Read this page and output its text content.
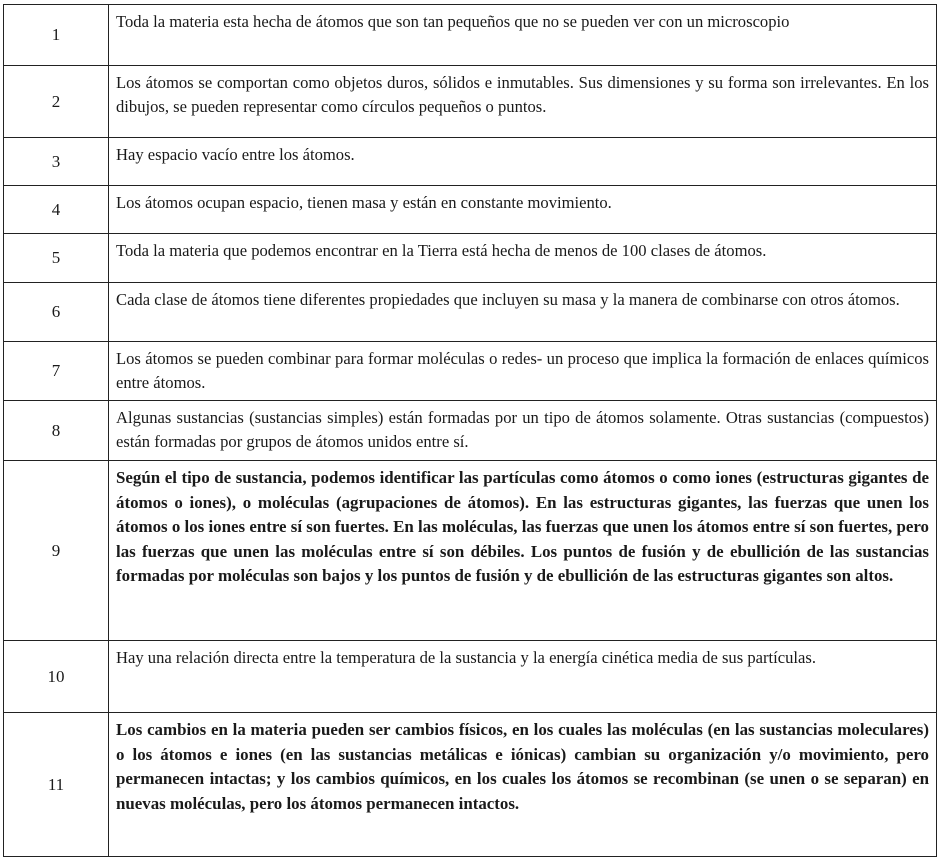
1	Toda la materia esta hecha de átomos que son tan pequeños que no se pueden ver con un microscopio
2	Los átomos se comportan como objetos duros, sólidos e inmutables. Sus dimensiones y su forma son irrelevantes. En los dibujos, se pueden representar como círculos pequeños o puntos.
3	Hay espacio vacío entre los átomos.
4	Los átomos ocupan espacio, tienen masa y están en constante movimiento.
5	Toda la materia que podemos encontrar en la Tierra está hecha de menos de 100 clases de átomos.
6	Cada clase de átomos tiene diferentes propiedades que incluyen su masa y la manera de combinarse con otros átomos.
7	Los átomos se pueden combinar para formar moléculas o redes- un proceso que implica la formación de enlaces químicos entre átomos.
8	Algunas sustancias (sustancias simples) están formadas por un tipo de átomos solamente. Otras sustancias (compuestos) están formadas por grupos de átomos unidos entre sí.
9	Según el tipo de sustancia, podemos identificar las partículas como átomos o como iones (estructuras gigantes de átomos o iones), o moléculas (agrupaciones de átomos). En las estructuras gigantes, las fuerzas que unen los átomos o los iones entre sí son fuertes. En las moléculas, las fuerzas que unen los átomos entre sí son fuertes, pero las fuerzas que unen las moléculas entre sí son débiles. Los puntos de fusión y de ebullición de las sustancias formadas por moléculas son bajos y los puntos de fusión y de ebullición de las estructuras gigantes son altos.
10	Hay una relación directa entre la temperatura de la sustancia y la energía cinética media de sus partículas.
11	Los cambios en la materia pueden ser cambios físicos, en los cuales las moléculas (en las sustancias moleculares) o los átomos e iones (en las sustancias metálicas e iónicas) cambian su organización y/o movimiento, pero permanecen intactas; y los cambios químicos, en los cuales los átomos se recombinan (se unen o se separan) en nuevas moléculas, pero los átomos permanecen intactos.
